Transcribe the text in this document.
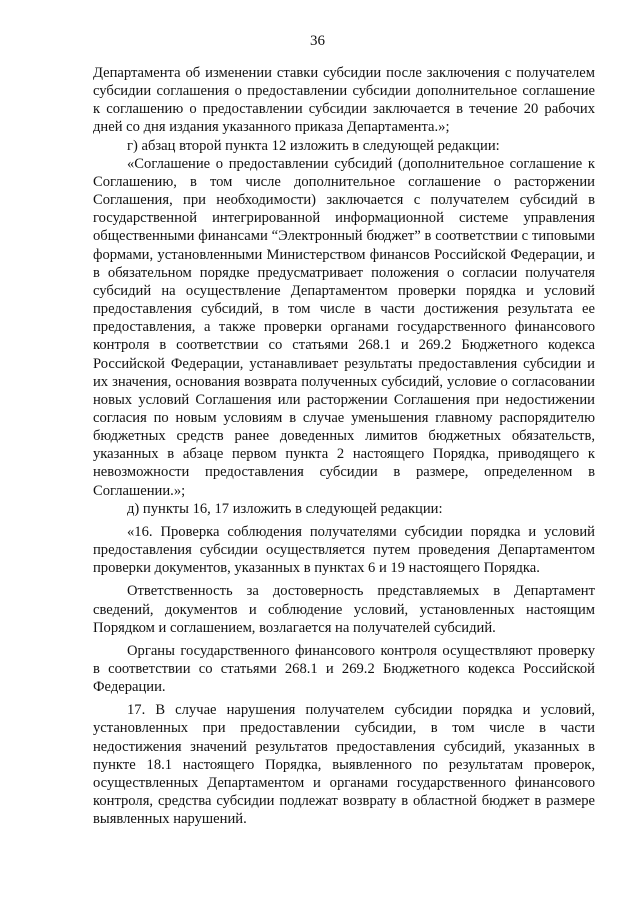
36

Департамента об изменении ставки субсидии после заключения с получателем субсидии соглашения о предоставлении субсидии дополнительное соглашение к соглашению о предоставлении субсидии заключается в течение 20 рабочих дней со дня издания указанного приказа Департамента.»;

г) абзац второй пункта 12 изложить в следующей редакции:

«Соглашение о предоставлении субсидий (дополнительное соглашение к Соглашению, в том числе дополнительное соглашение о расторжении Соглашения, при необходимости) заключается с получателем субсидий в государственной интегрированной информационной системе управления общественными финансами “Электронный бюджет” в соответствии с типовыми формами, установленными Министерством финансов Российской Федерации, и в обязательном порядке предусматривает положения о согласии получателя субсидий на осуществление Департаментом проверки порядка и условий предоставления субсидий, в том числе в части достижения результата ее предоставления, а также проверки органами государственного финансового контроля в соответствии со статьями 268.1 и 269.2 Бюджетного кодекса Российской Федерации, устанавливает результаты предоставления субсидии и их значения, основания возврата полученных субсидий, условие о согласовании новых условий Соглашения или расторжении Соглашения при недостижении согласия по новым условиям в случае уменьшения главному распорядителю бюджетных средств ранее доведенных лимитов бюджетных обязательств, указанных в абзаце первом пункта 2 настоящего Порядка, приводящего к невозможности предоставления субсидии в размере, определенном в Соглашении.»;

д) пункты 16, 17 изложить в следующей редакции:

«16. Проверка соблюдения получателями субсидии порядка и условий предоставления субсидии осуществляется путем проведения Департаментом проверки документов, указанных в пунктах 6 и 19 настоящего Порядка.

Ответственность за достоверность представляемых в Департамент сведений, документов и соблюдение условий, установленных настоящим Порядком и соглашением, возлагается на получателей субсидий.

Органы государственного финансового контроля осуществляют проверку в соответствии со статьями 268.1 и 269.2 Бюджетного кодекса Российской Федерации.

17. В случае нарушения получателем субсидии порядка и условий, установленных при предоставлении субсидии, в том числе в части недостижения значений результатов предоставления субсидий, указанных в пункте 18.1 настоящего Порядка, выявленного по результатам проверок, осуществленных Департаментом и органами государственного финансового контроля, средства субсидии подлежат возврату в областной бюджет в размере выявленных нарушений.
